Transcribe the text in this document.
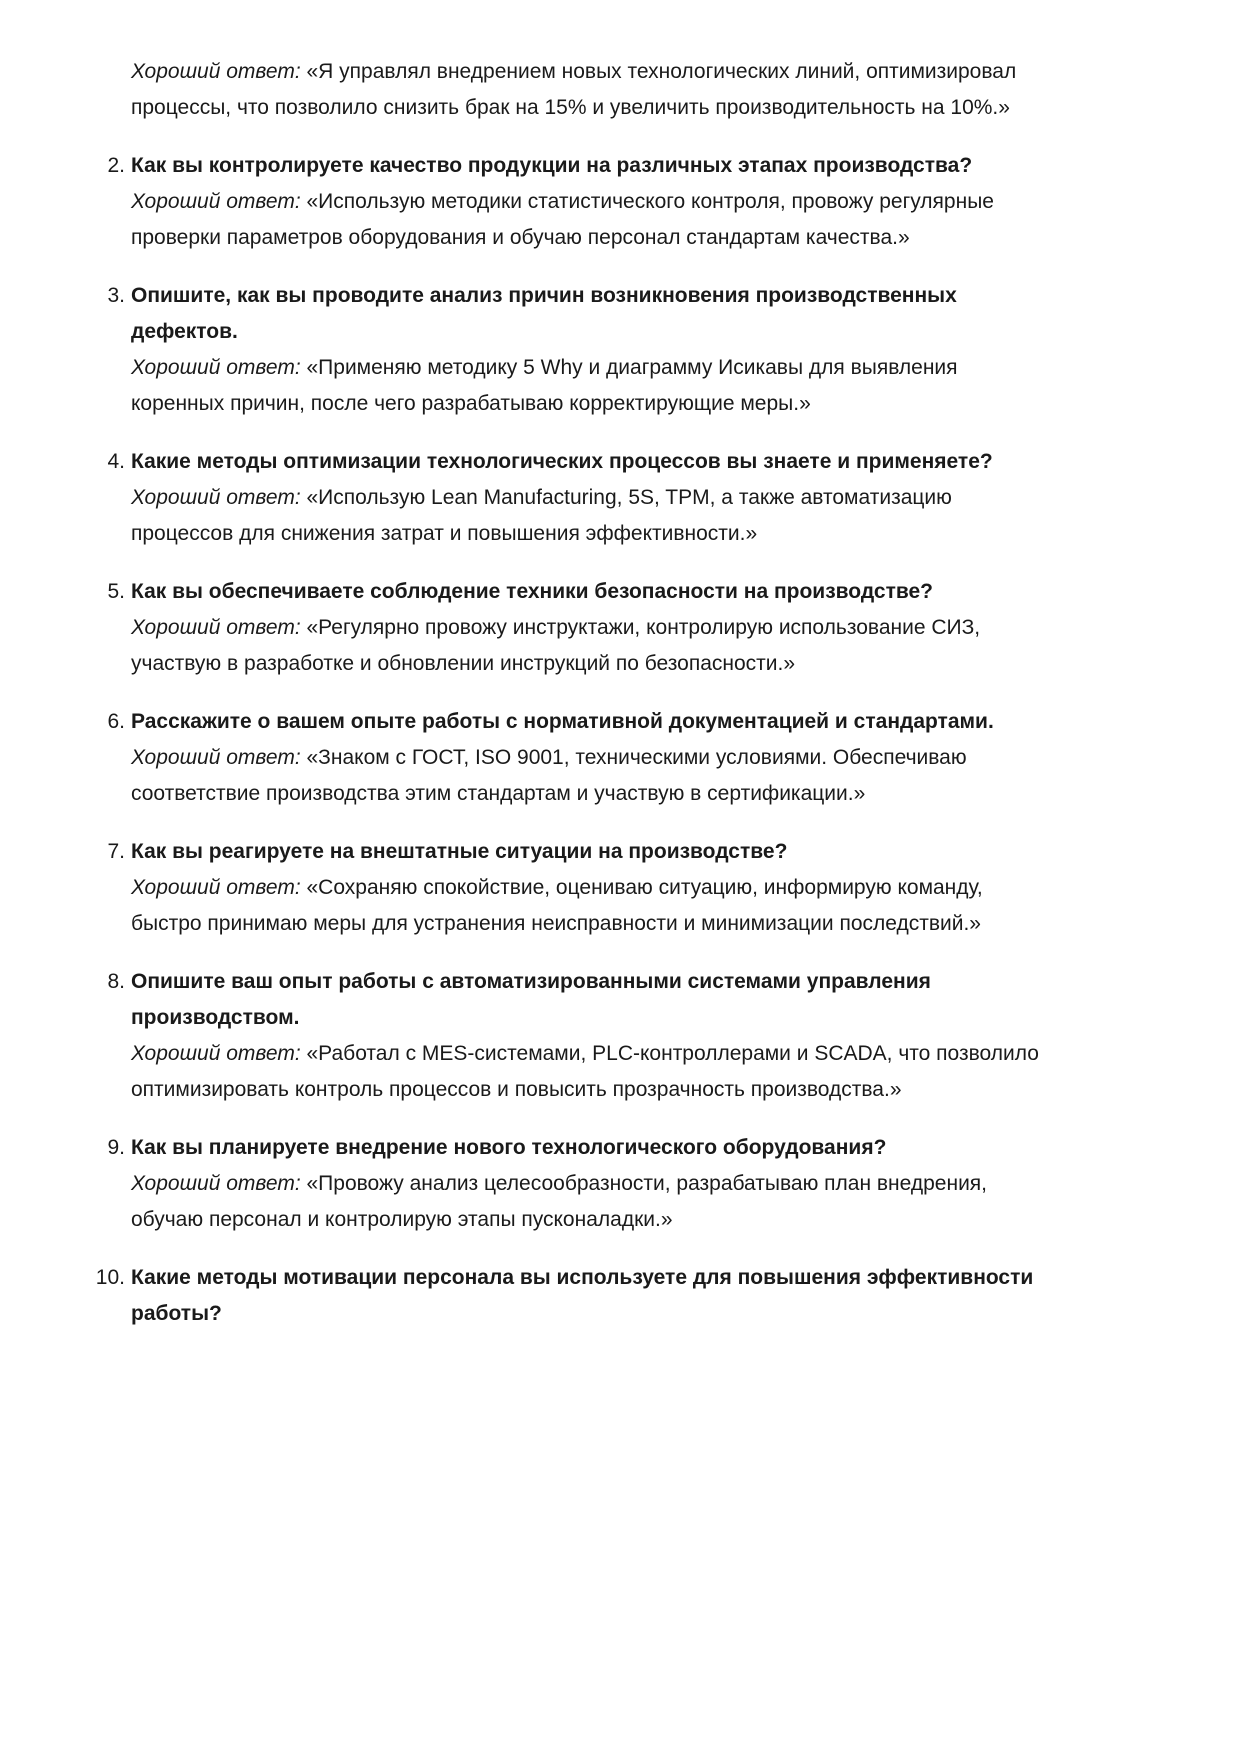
Хороший ответ: «Я управлял внедрением новых технологических линий, оптимизировал процессы, что позволило снизить брак на 15% и увеличить производительность на 10%.»
2. Как вы контролируете качество продукции на различных этапах производства?
Хороший ответ: «Использую методики статистического контроля, провожу регулярные проверки параметров оборудования и обучаю персонал стандартам качества.»
3. Опишите, как вы проводите анализ причин возникновения производственных дефектов.
Хороший ответ: «Применяю методику 5 Why и диаграмму Исикавы для выявления коренных причин, после чего разрабатываю корректирующие меры.»
4. Какие методы оптимизации технологических процессов вы знаете и применяете?
Хороший ответ: «Использую Lean Manufacturing, 5S, TPM, а также автоматизацию процессов для снижения затрат и повышения эффективности.»
5. Как вы обеспечиваете соблюдение техники безопасности на производстве?
Хороший ответ: «Регулярно провожу инструктажи, контролирую использование СИЗ, участвую в разработке и обновлении инструкций по безопасности.»
6. Расскажите о вашем опыте работы с нормативной документацией и стандартами.
Хороший ответ: «Знаком с ГОСТ, ISO 9001, техническими условиями. Обеспечиваю соответствие производства этим стандартам и участвую в сертификации.»
7. Как вы реагируете на внештатные ситуации на производстве?
Хороший ответ: «Сохраняю спокойствие, оцениваю ситуацию, информирую команду, быстро принимаю меры для устранения неисправности и минимизации последствий.»
8. Опишите ваш опыт работы с автоматизированными системами управления производством.
Хороший ответ: «Работал с MES-системами, PLC-контроллерами и SCADA, что позволило оптимизировать контроль процессов и повысить прозрачность производства.»
9. Как вы планируете внедрение нового технологического оборудования?
Хороший ответ: «Провожу анализ целесообразности, разрабатываю план внедрения, обучаю персонал и контролирую этапы пусконаладки.»
10. Какие методы мотивации персонала вы используете для повышения эффективности работы?
